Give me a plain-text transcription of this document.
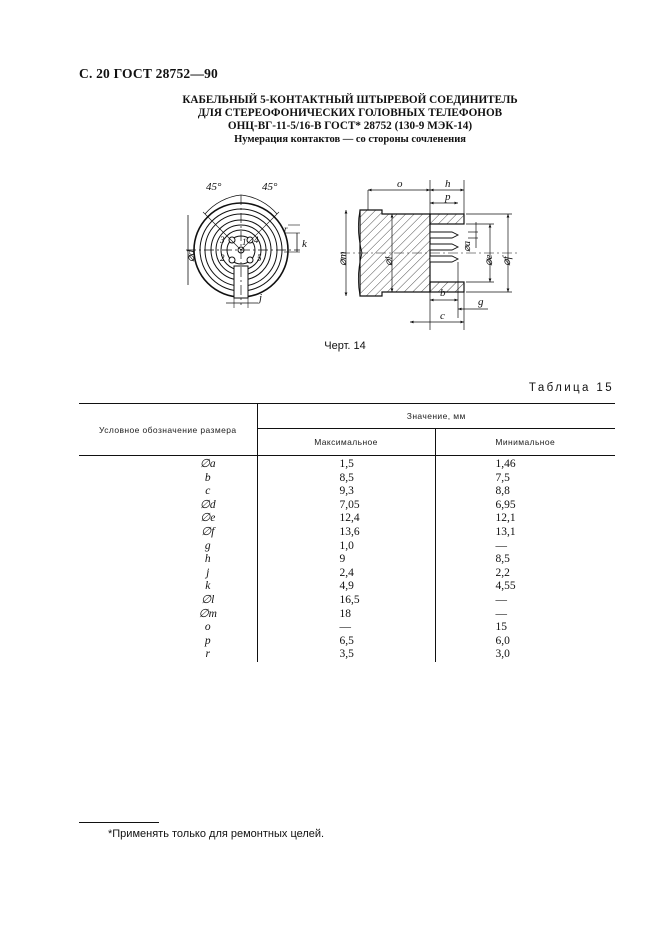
С. 20 ГОСТ 28752—90
КАБЕЛЬНЫЙ 5-КОНТАКТНЫЙ ШТЫРЕВОЙ СОЕДИНИТЕЛЬ
ДЛЯ СТЕРЕОФОНИЧЕСКИХ ГОЛОВНЫХ ТЕЛЕФОНОВ
ОНЦ-ВГ-11-5/16-В ГОСТ* 28752 (130-9 МЭК-14)
Нумерация контактов — со стороны сочленения
45°	45°
3	4
1
2	5
⌀d
k
r
j
o	h
p
⌀m	⌀l
⌀a
⌀e ⌀f
b
c
g
Черт. 14
Таблица 15
Условное обозначение размера	Значение, мм	
	Максимальное	Минимальное
∅a	1,5	1,46
b	8,5	7,5
c	9,3	8,8
∅d	7,05	6,95
∅e	12,4	12,1
∅f	13,6	13,1
g	1,0	—
h	9	8,5
j	2,4	2,2
k	4,9	4,55
∅l	16,5	—
∅m	18	—
o	—	15
p	6,5	6,0
r	3,5	3,0
*Применять только для ремонтных целей.
